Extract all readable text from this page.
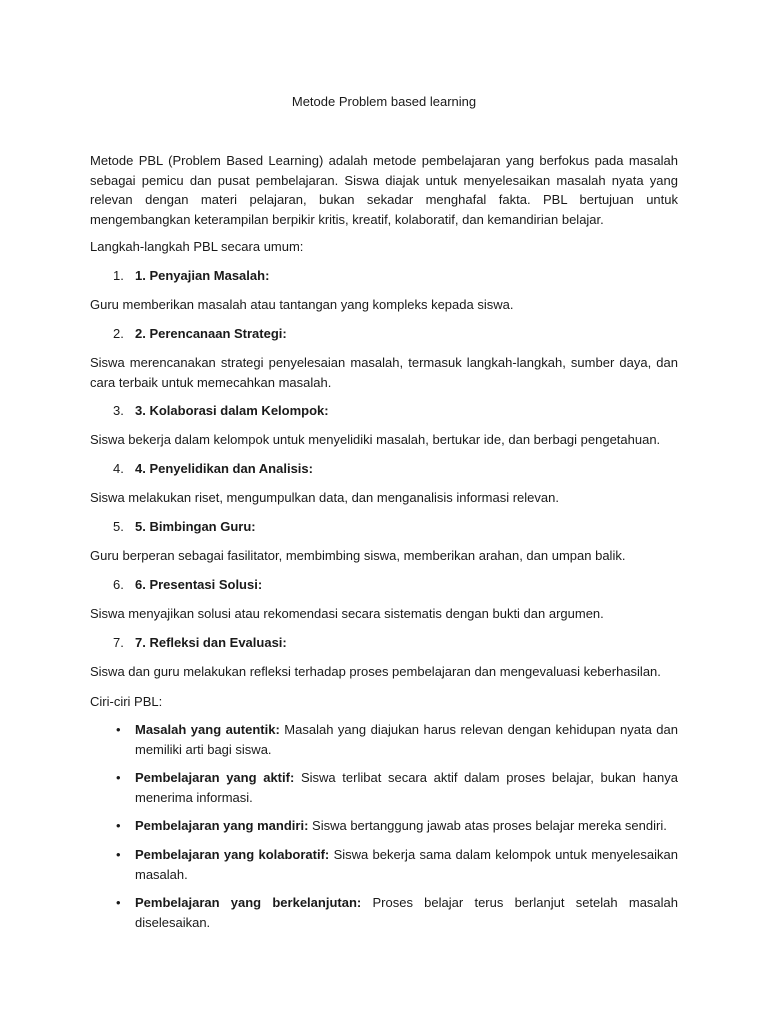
Metode Problem based learning

Metode PBL (Problem Based Learning) adalah metode pembelajaran yang berfokus pada masalah sebagai pemicu dan pusat pembelajaran. Siswa diajak untuk menyelesaikan masalah nyata yang relevan dengan materi pelajaran, bukan sekadar menghafal fakta. PBL bertujuan untuk mengembangkan keterampilan berpikir kritis, kreatif, kolaboratif, dan kemandirian belajar.

Langkah-langkah PBL secara umum:

1. 1. Penyajian Masalah:

Guru memberikan masalah atau tantangan yang kompleks kepada siswa.

2. 2. Perencanaan Strategi:

Siswa merencanakan strategi penyelesaian masalah, termasuk langkah-langkah, sumber daya, dan cara terbaik untuk memecahkan masalah.

3. 3. Kolaborasi dalam Kelompok:

Siswa bekerja dalam kelompok untuk menyelidiki masalah, bertukar ide, dan berbagi pengetahuan.

4. 4. Penyelidikan dan Analisis:

Siswa melakukan riset, mengumpulkan data, dan menganalisis informasi relevan.

5. 5. Bimbingan Guru:

Guru berperan sebagai fasilitator, membimbing siswa, memberikan arahan, dan umpan balik.

6. 6. Presentasi Solusi:

Siswa menyajikan solusi atau rekomendasi secara sistematis dengan bukti dan argumen.

7. 7. Refleksi dan Evaluasi:

Siswa dan guru melakukan refleksi terhadap proses pembelajaran dan mengevaluasi keberhasilan.

Ciri-ciri PBL:

• Masalah yang autentik: Masalah yang diajukan harus relevan dengan kehidupan nyata dan memiliki arti bagi siswa.
• Pembelajaran yang aktif: Siswa terlibat secara aktif dalam proses belajar, bukan hanya menerima informasi.
• Pembelajaran yang mandiri: Siswa bertanggung jawab atas proses belajar mereka sendiri.
• Pembelajaran yang kolaboratif: Siswa bekerja sama dalam kelompok untuk menyelesaikan masalah.
• Pembelajaran yang berkelanjutan: Proses belajar terus berlanjut setelah masalah diselesaikan.
